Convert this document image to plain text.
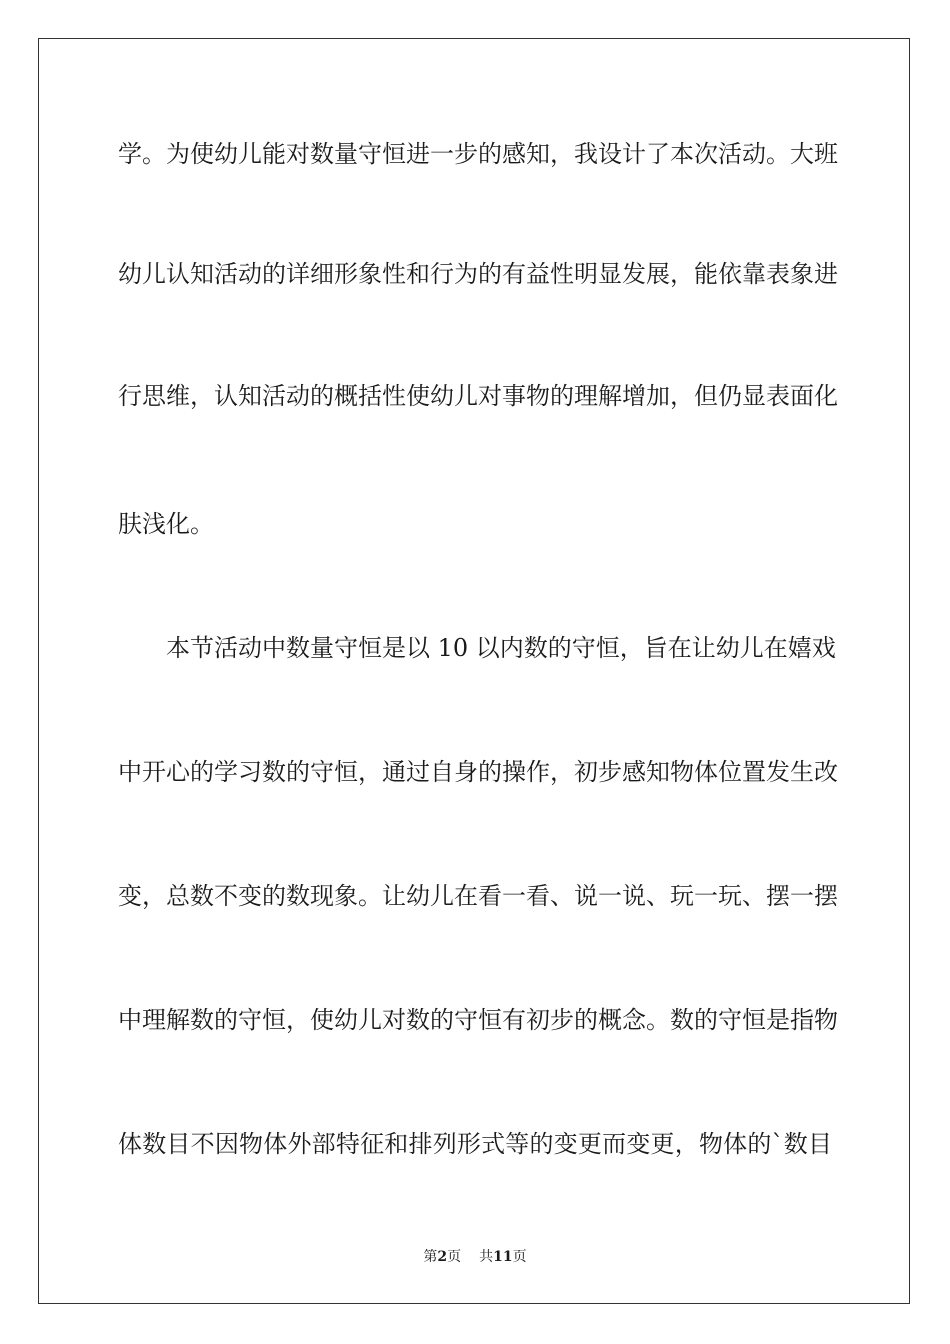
学。为使幼儿能对数量守恒进一步的感知，我设计了本次活动。大班
幼儿认知活动的详细形象性和行为的有益性明显发展，能依靠表象进
行思维，认知活动的概括性使幼儿对事物的理解增加，但仍显表面化
肤浅化。
本节活动中数量守恒是以 10 以内数的守恒，旨在让幼儿在嬉戏
中开心的学习数的守恒，通过自身的操作，初步感知物体位置发生改
变，总数不变的数现象。让幼儿在看一看、说一说、玩一玩、摆一摆
中理解数的守恒，使幼儿对数的守恒有初步的概念。数的守恒是指物
体数目不因物体外部特征和排列形式等的变更而变更，物体的`数目
第2页 共11页
